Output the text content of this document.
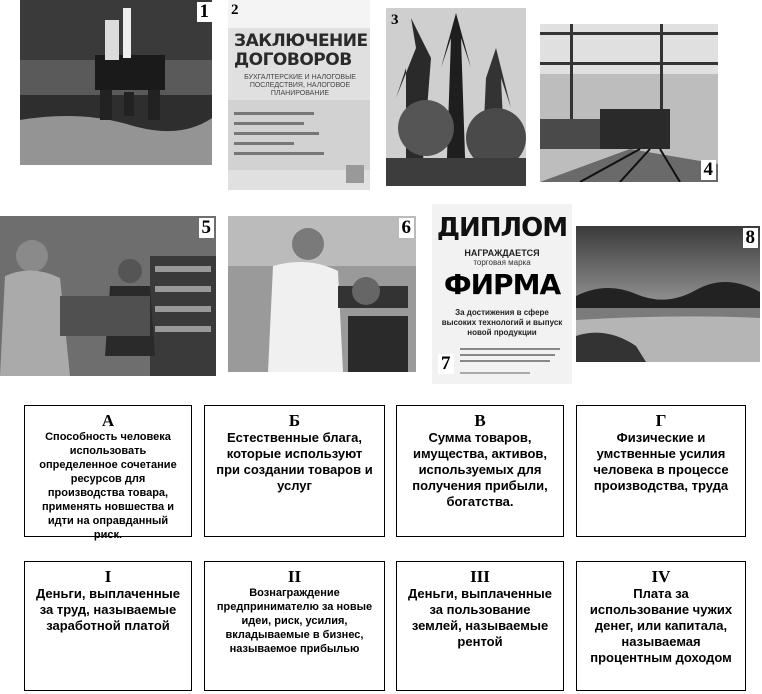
1 2
ЗАКЛЮЧЕНИЕ ДОГОВОРОВ
БУХГАЛТЕРСКИЕ И НАЛОГОВЫЕ ПОСЛЕДСТВИЯ, НАЛОГОВОЕ ПЛАНИРОВАНИЕ
3
4
5	6 ДИПЛОМ
НАГРАЖДАЕТСЯ
торговая марка
ФИРМА
За достижения в сфере высоких технологий и выпуск новой продукции
7
8
А
Способность человека использовать определенное сочетание ресурсов для производства товара, применять новшества и идти на оправданный риск.
Б
Естественные блага, которые используют при создании товаров и услуг
В
Сумма товаров, имущества, активов, используемых для получения прибыли, богатства.
Г
Физические и умственные усилия человека в процессе производства, труда
I
Деньги, выплаченные за труд, называемые заработной платой
II
Вознаграждение предпринимателю за новые идеи, риск, усилия, вкладываемые в бизнес, называемое прибылью
III
Деньги, выплаченные за пользование землей, называемые рентой
IV
Плата за использование чужих денег, или капитала, называемая процентным доходом
